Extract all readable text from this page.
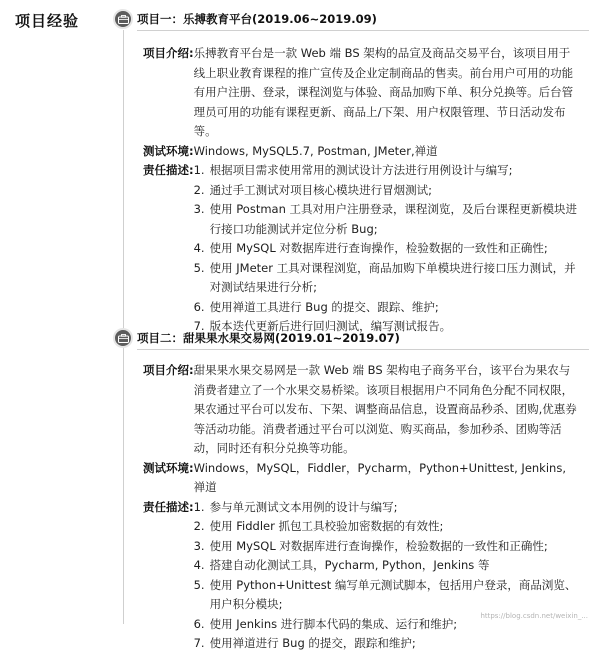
项目经验	项目一：乐搏教育平台(2019.06~2019.09)
项目介绍: 乐搏教育平台是一款 Web 端 BS 架构的品宣及商品交易平台，该项目用于线上职业教育课程的推广宣传及企业定制商品的售卖。前台用户可用的功能有用户注册、登录，课程浏览与体验、商品加购下单、积分兑换等。后台管理员可用的功能有课程更新、商品上/下架、用户权限管理、节日活动发布等。
测试环境: Windows, MySQL5.7, Postman, JMeter,禅道
责任描述: 1. 根据项目需求使用常用的测试设计方法进行用例设计与编写;
2. 通过手工测试对项目核心模块进行冒烟测试;
3. 使用 Postman 工具对用户注册登录，课程浏览，及后台课程更新模块进行接口功能测试并定位分析 Bug;
4. 使用 MySQL 对数据库进行查询操作，检验数据的一致性和正确性;
5. 使用 JMeter 工具对课程浏览，商品加购下单模块进行接口压力测试，并对测试结果进行分析;
6. 使用禅道工具进行 Bug 的提交、跟踪、维护;
7. 版本迭代更新后进行回归测试，编写测试报告。
项目二：甜果果水果交易网(2019.01~2019.07)
项目介绍: 甜果果水果交易网是一款 Web 端 BS 架构电子商务平台，该平台为果农与消费者建立了一个水果交易桥梁。该项目根据用户不同角色分配不同权限，果农通过平台可以发布、下架、调整商品信息，设置商品秒杀、团购,优惠券等活动功能。消费者通过平台可以浏览、购买商品，参加秒杀、团购等活动，同时还有积分兑换等功能。
测试环境: Windows，MySQL，Fiddler，Pycharm，Python+Unittest, Jenkins, 禅道
责任描述: 1. 参与单元测试文本用例的设计与编写;
2. 使用 Fiddler 抓包工具校验加密数据的有效性;
3. 使用 MySQL 对数据库进行查询操作，检验数据的一致性和正确性;
4. 搭建自动化测试工具，Pycharm, Python，Jenkins 等
5. 使用 Python+Unittest 编写单元测试脚本，包括用户登录，商品浏览、用户积分模块;
6. 使用 Jenkins 进行脚本代码的集成、运行和维护;
7. 使用禅道进行 Bug 的提交，跟踪和维护;
https://blog.csdn.net/weixin_...
